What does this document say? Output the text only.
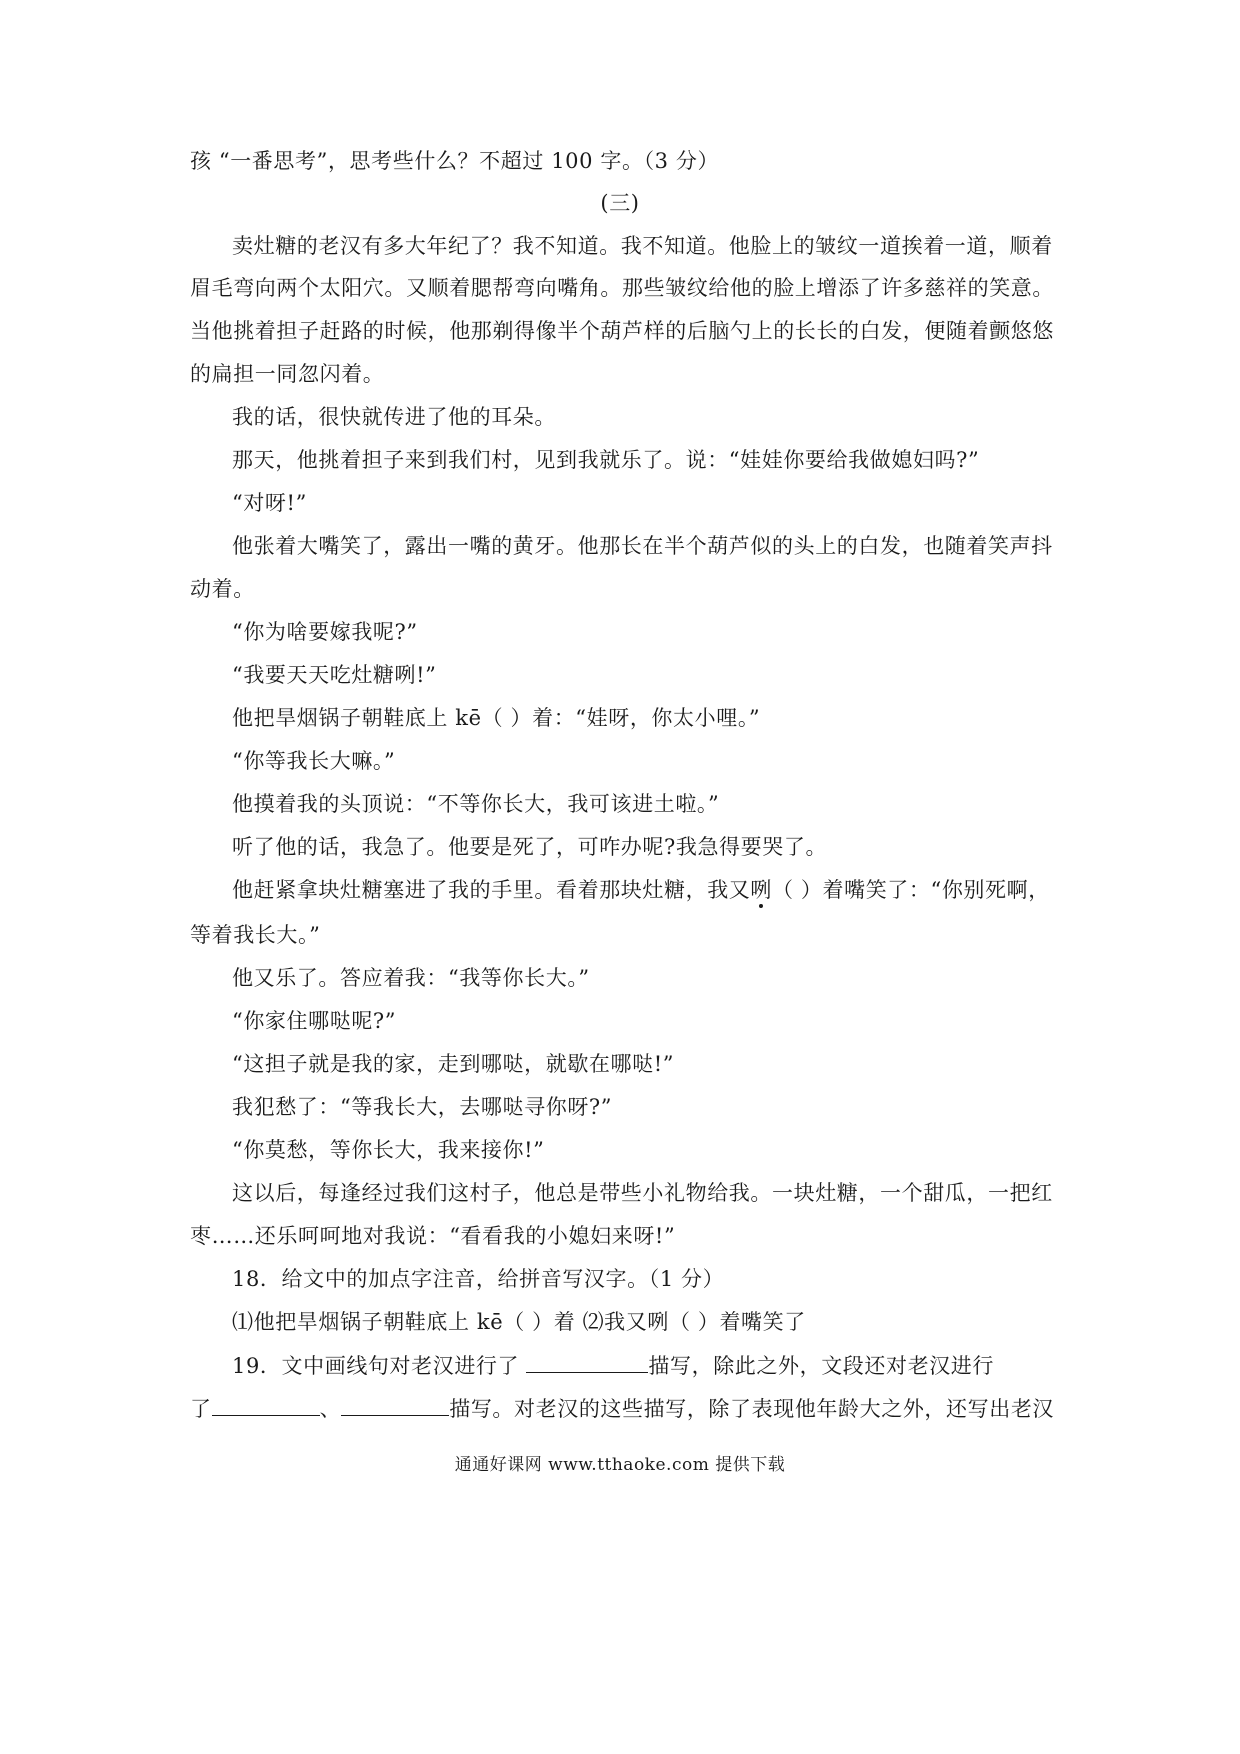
孩 “一番思考”，思考些什么？不超过 100 字。（3 分）
(三)
卖灶糖的老汉有多大年纪了？我不知道。我不知道。他脸上的皱纹一道挨着一道，顺着
眉毛弯向两个太阳穴。又顺着腮帮弯向嘴角。那些皱纹给他的脸上增添了许多慈祥的笑意。
当他挑着担子赶路的时候，他那剃得像半个葫芦样的后脑勺上的长长的白发，便随着颤悠悠
的扁担一同忽闪着。
我的话，很快就传进了他的耳朵。
那天，他挑着担子来到我们村，见到我就乐了。说：“娃娃你要给我做媳妇吗?”
“对呀!”
他张着大嘴笑了，露出一嘴的黄牙。他那长在半个葫芦似的头上的白发，也随着笑声抖
动着。
“你为啥要嫁我呢?”
“我要天天吃灶糖咧!”
他把旱烟锅子朝鞋底上 kē（ ）着：“娃呀，你太小哩。”
“你等我长大嘛。”
他摸着我的头顶说：“不等你长大，我可该进土啦。”
听了他的话，我急了。他要是死了，可咋办呢?我急得要哭了。
他赶紧拿块灶糖塞进了我的手里。看着那块灶糖，我又咧（ ）着嘴笑了：“你别死啊，
等着我长大。”
他又乐了。答应着我：“我等你长大。”
“你家住哪哒呢?”
“这担子就是我的家，走到哪哒，就歇在哪哒!”
我犯愁了：“等我长大，去哪哒寻你呀?”
“你莫愁，等你长大，我来接你!”
这以后，每逢经过我们这村子，他总是带些小礼物给我。一块灶糖，一个甜瓜，一把红
枣……还乐呵呵地对我说：“看看我的小媳妇来呀!”
18．给文中的加点字注音，给拼音写汉字。（1 分）
⑴他把旱烟锅子朝鞋底上 kē（ ）着 ⑵我又咧（ ）着嘴笑了
19．文中画线句对老汉进行了	描写，除此之外，文段还对老汉进行
了	、	描写。对老汉的这些描写，除了表现他年龄大之外，还写出老汉
通通好课网 www.tthaoke.com 提供下载
